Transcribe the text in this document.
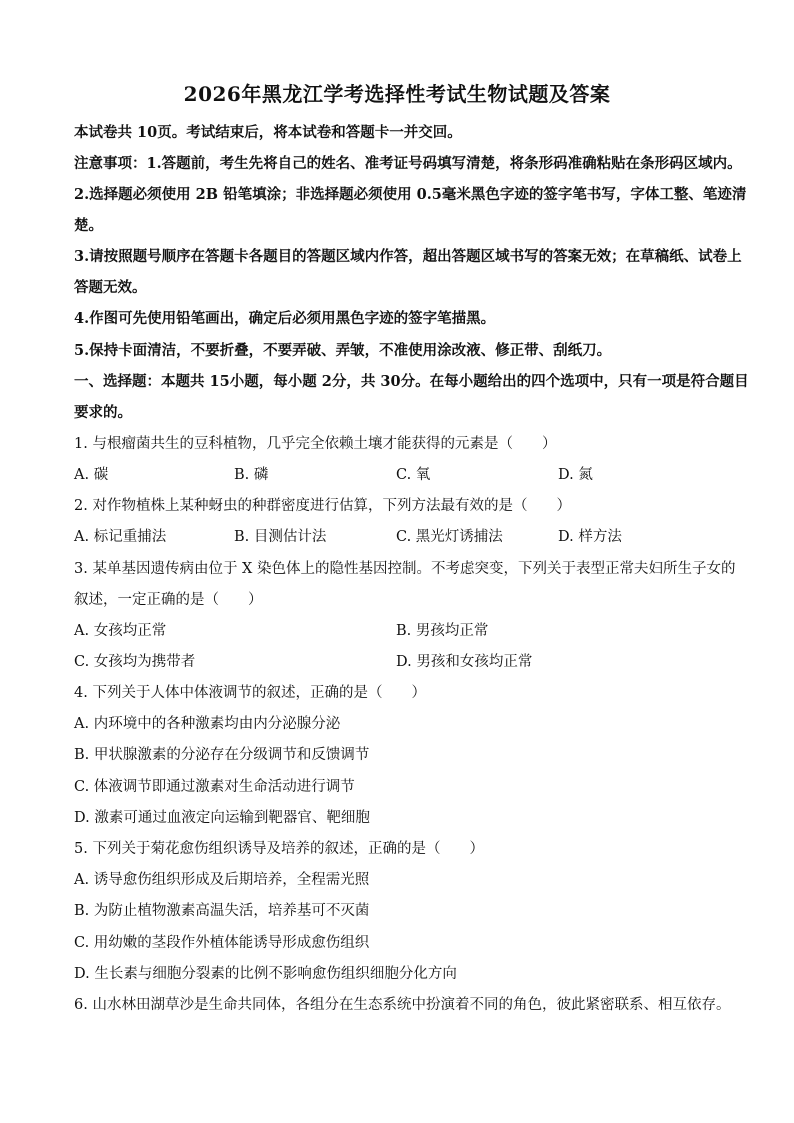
2026年黑龙江学考选择性考试生物试题及答案
本试卷共 10页。考试结束后，将本试卷和答题卡一并交回。
注意事项：1.答题前，考生先将自己的姓名、准考证号码填写清楚，将条形码准确粘贴在条形码区域内。
2.选择题必须使用 2B 铅笔填涂；非选择题必须使用 0.5毫米黑色字迹的签字笔书写，字体工整、笔迹清
楚。
3.请按照题号顺序在答题卡各题目的答题区域内作答，超出答题区域书写的答案无效；在草稿纸、试卷上
答题无效。
4.作图可先使用铅笔画出，确定后必须用黑色字迹的签字笔描黑。
5.保持卡面清洁，不要折叠，不要弄破、弄皱，不准使用涂改液、修正带、刮纸刀。
一、选择题：本题共 15小题，每小题 2分，共 30分。在每小题给出的四个选项中，只有一项是符合题目
要求的。
1. 与根瘤菌共生的豆科植物，几乎完全依赖土壤才能获得的元素是（　　）
A. 碳	B. 磷	C. 氧	D. 氮
2. 对作物植株上某种蚜虫的种群密度进行估算，下列方法最有效的是（　　）
A. 标记重捕法	B. 目测估计法	C. 黑光灯诱捕法	D. 样方法
3. 某单基因遗传病由位于 X 染色体上的隐性基因控制。不考虑突变，下列关于表型正常夫妇所生子女的
叙述，一定正确的是（　　）
A. 女孩均正常	B. 男孩均正常
C. 女孩均为携带者	D. 男孩和女孩均正常
4. 下列关于人体中体液调节的叙述，正确的是（　　）
A. 内环境中的各种激素均由内分泌腺分泌
B. 甲状腺激素的分泌存在分级调节和反馈调节
C. 体液调节即通过激素对生命活动进行调节
D. 激素可通过血液定向运输到靶器官、靶细胞
5. 下列关于菊花愈伤组织诱导及培养的叙述，正确的是（　　）
A. 诱导愈伤组织形成及后期培养，全程需光照
B. 为防止植物激素高温失活，培养基可不灭菌
C. 用幼嫩的茎段作外植体能诱导形成愈伤组织
D. 生长素与细胞分裂素的比例不影响愈伤组织细胞分化方向
6. 山水林田湖草沙是生命共同体，各组分在生态系统中扮演着不同的角色，彼此紧密联系、相互依存。
